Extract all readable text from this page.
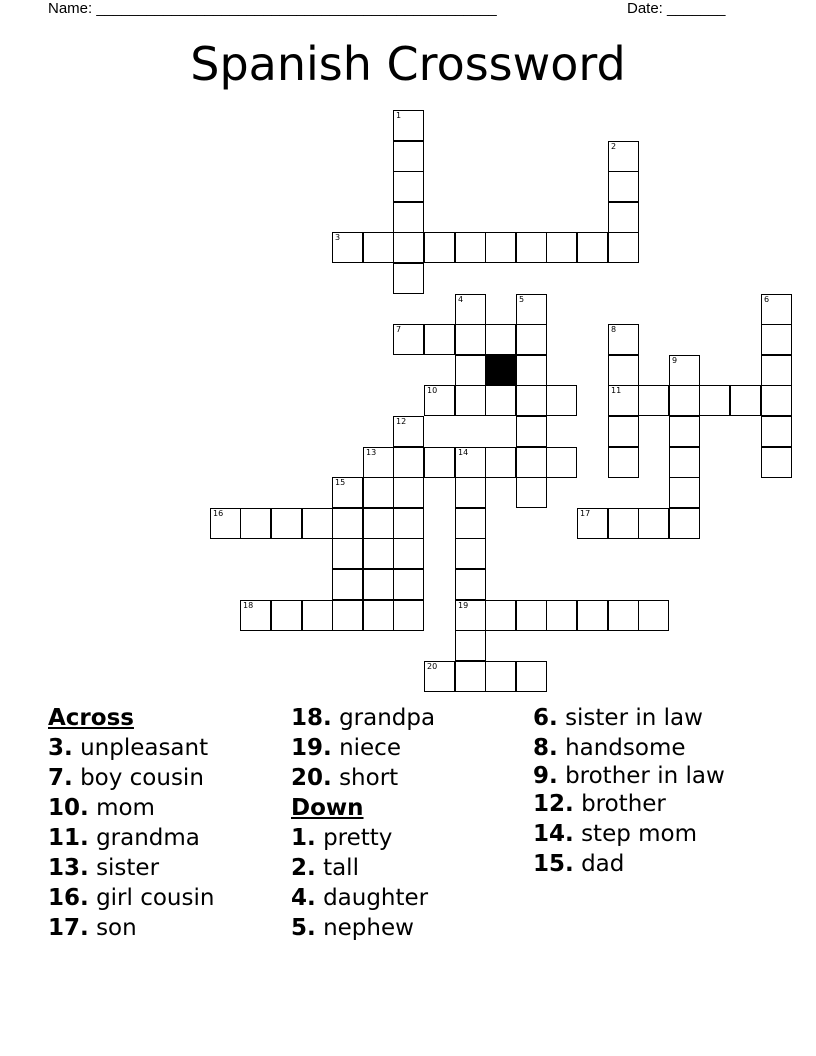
Name: ________________________________________________	Date: _______
Spanish Crossword
1
2
3
4	5	6
7	8
11
9
10
12
13	14
19
15
16	17
18
20
Across
3. unpleasant
7. boy cousin
10. mom
11. grandma
13. sister
16. girl cousin
17. son
18. grandpa
19. niece
20. short
Down
1. pretty
2. tall
4. daughter
5. nephew
6. sister in law
8. handsome
9. brother in law
12. brother
14. step mom
15. dad
